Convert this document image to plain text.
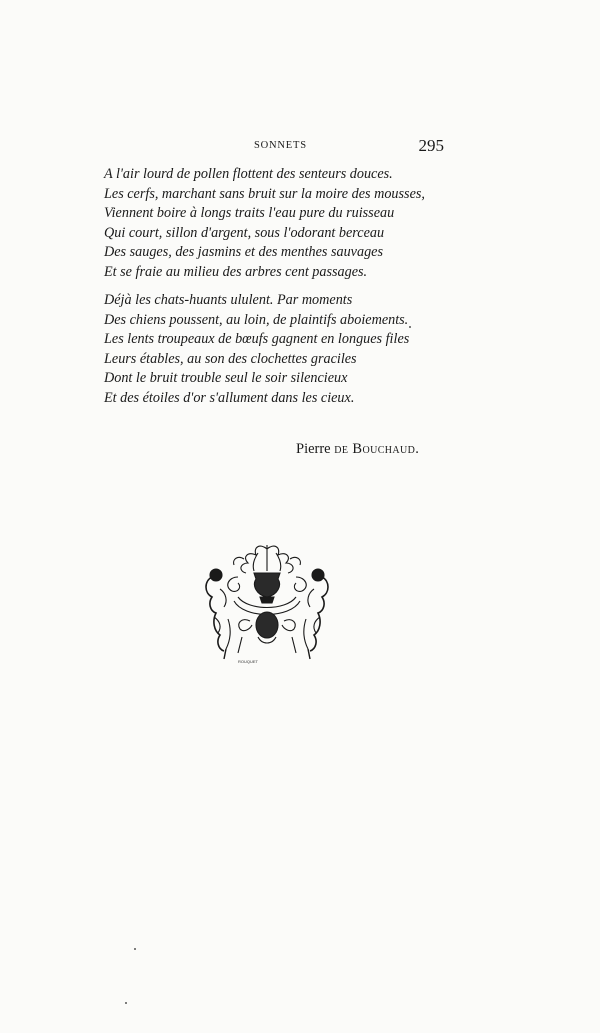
SONNETS	295
A l'air lourd de pollen flottent des senteurs douces.
Les cerfs, marchant sans bruit sur la moire des mousses,
Viennent boire à longs traits l'eau pure du ruisseau
Qui court, sillon d'argent, sous l'odorant berceau
Des sauges, des jasmins et des menthes sauvages
Et se fraie au milieu des arbres cent passages.
Déjà les chats-huants ululent. Par moments
Des chiens poussent, au loin, de plaintifs aboiements.
Les lents troupeaux de bœufs gagnent en longues files
Leurs étables, au son des clochettes graciles
Dont le bruit trouble seul le soir silencieux
Et des étoiles d'or s'allument dans les cieux.
Pierre de Bouchaud.
ROUQUET
